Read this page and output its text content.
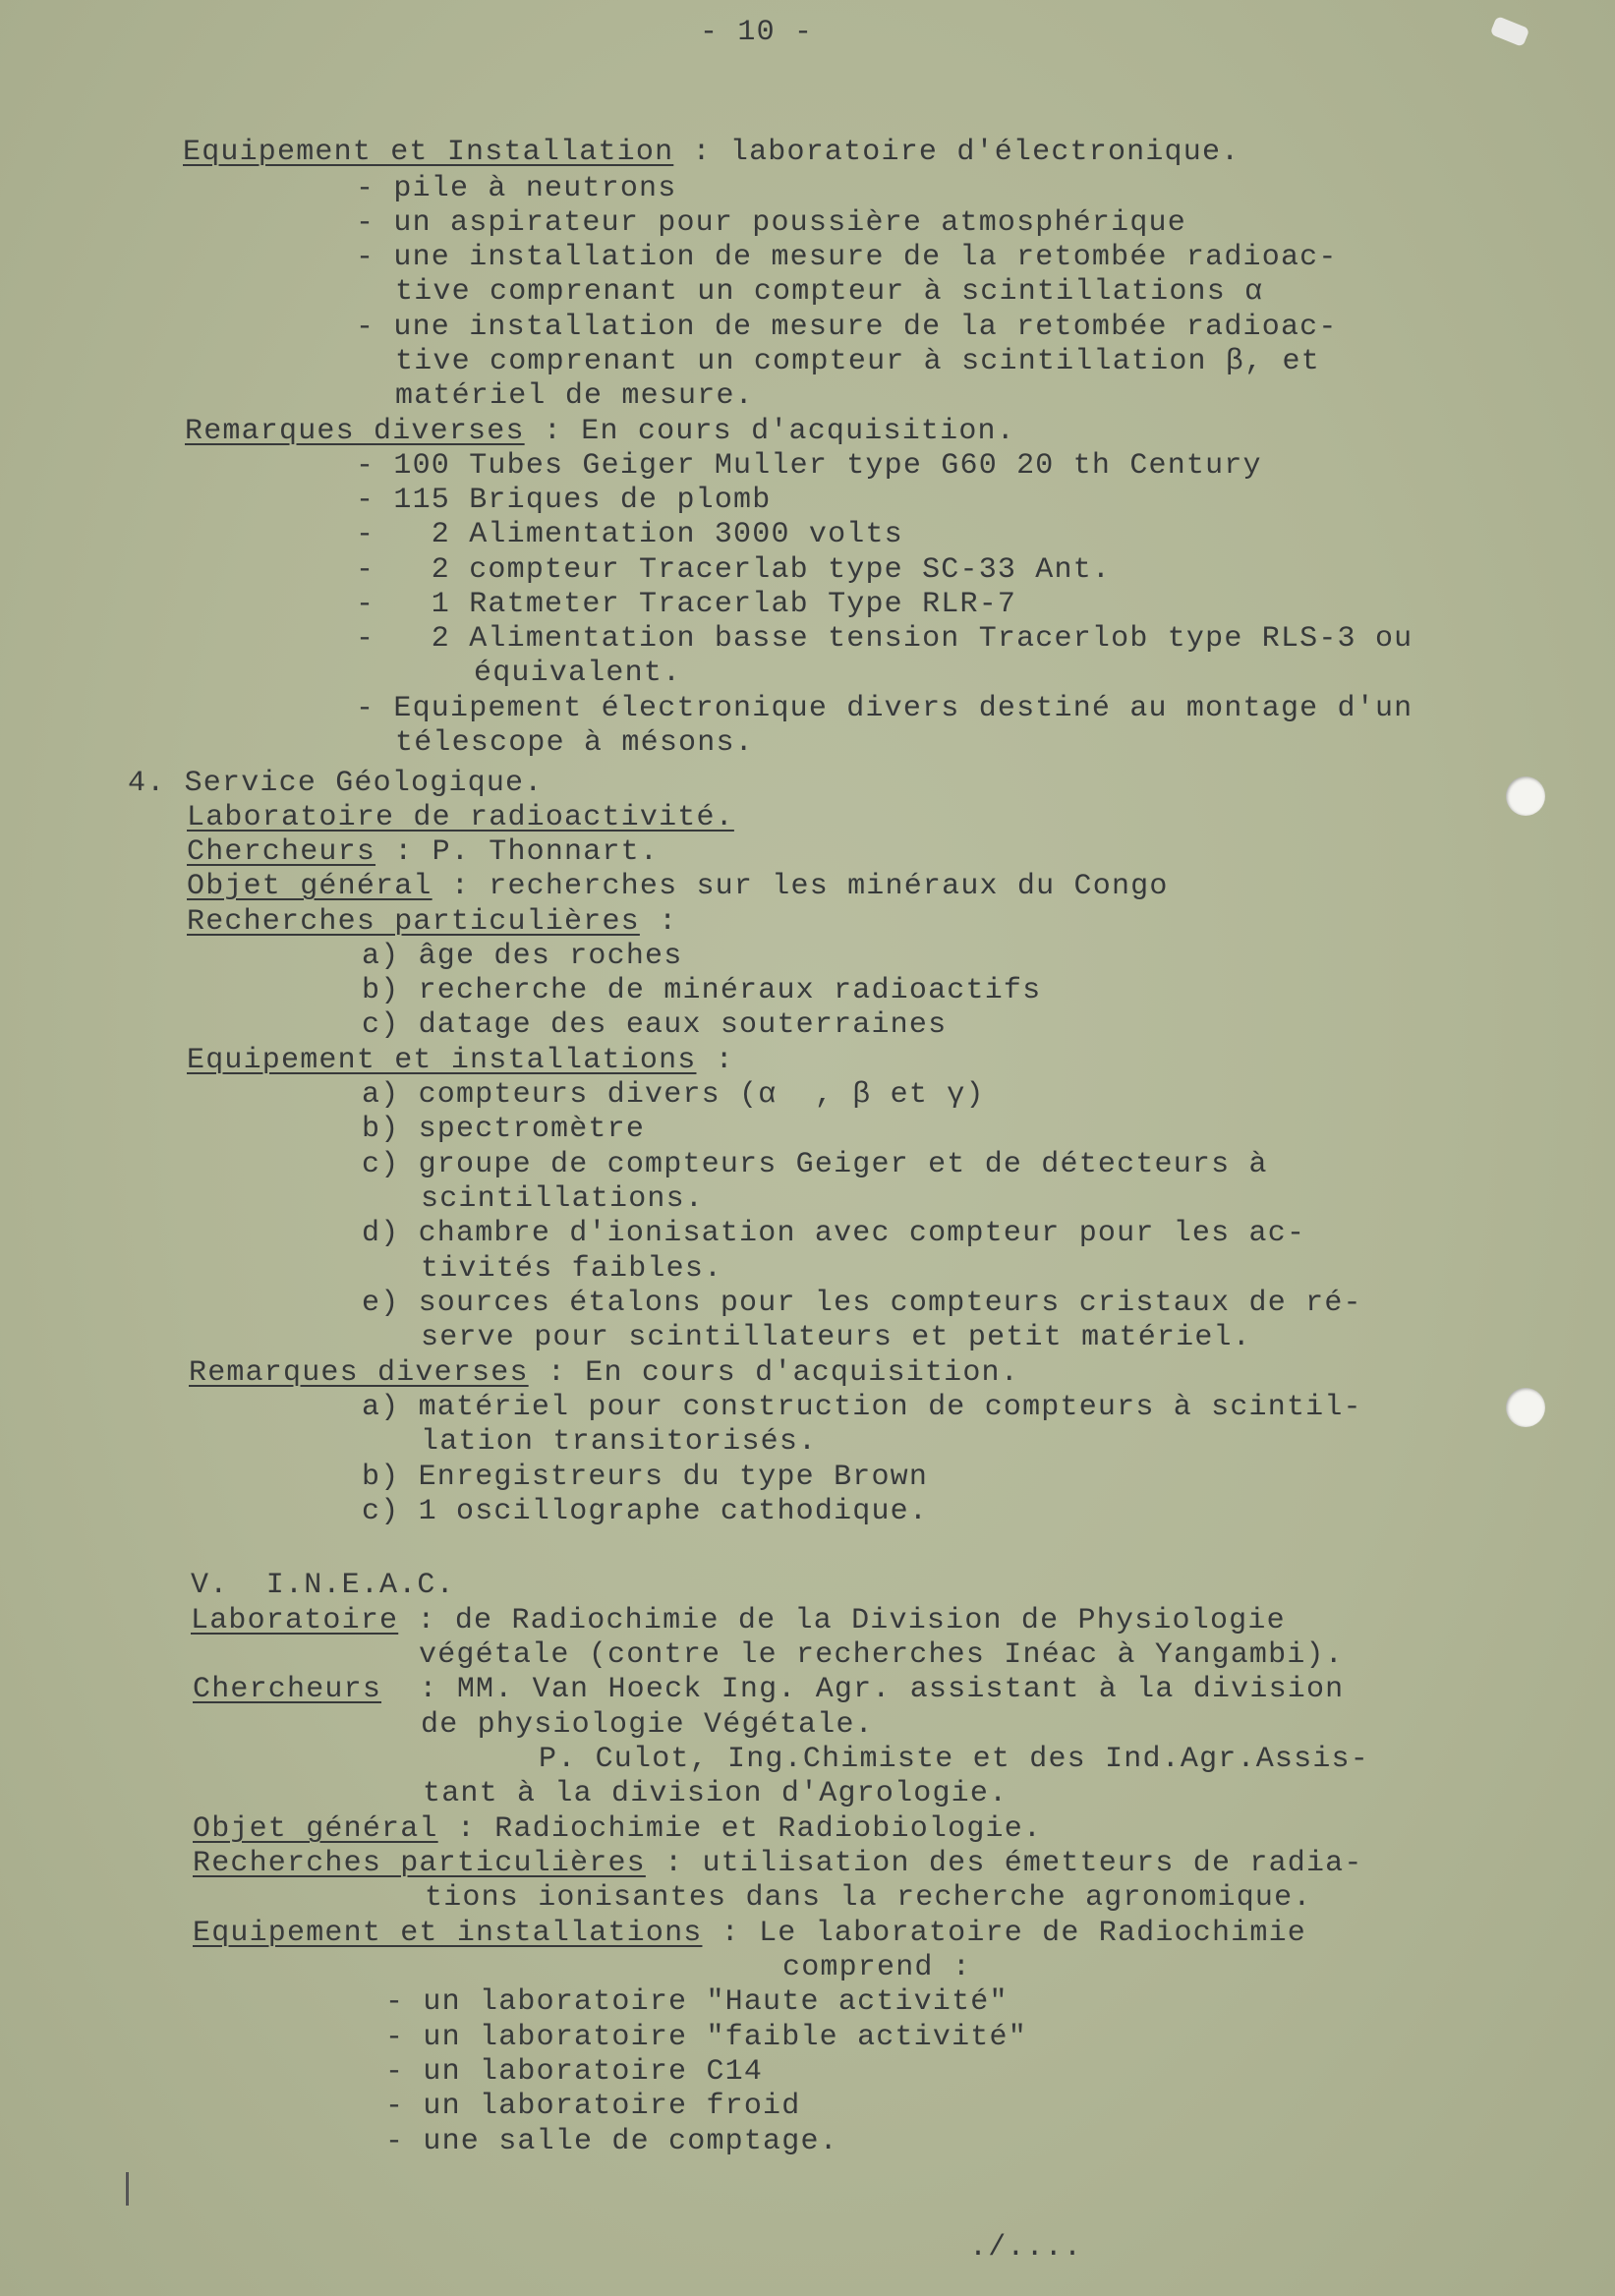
- 10 -

Equipement et Installation : laboratoire d'électronique.

- pile à neutrons

- un aspirateur pour poussière atmosphérique

- une installation de mesure de la retombée radioac-

tive comprenant un compteur à scintillations α

- une installation de mesure de la retombée radioac-

tive comprenant un compteur à scintillation β, et

matériel de mesure.

Remarques diverses : En cours d'acquisition.

- 100 Tubes Geiger Muller type G60 20 th Century

- 115 Briques de plomb

-   2 Alimentation 3000 volts

-   2 compteur Tracerlab type SC-33 Ant.

-   1 Ratmeter Tracerlab Type RLR-7

-   2 Alimentation basse tension Tracerlob type RLS-3 ou

équivalent.

- Equipement électronique divers destiné au montage d'un

télescope à mésons.

4. Service Géologique.

Laboratoire de radioactivité.

Chercheurs : P. Thonnart.

Objet général : recherches sur les minéraux du Congo

Recherches particulières :

a) âge des roches

b) recherche de minéraux radioactifs

c) datage des eaux souterraines

Equipement et installations :

a) compteurs divers (α  , β et γ)

b) spectromètre

c) groupe de compteurs Geiger et de détecteurs à

scintillations.

d) chambre d'ionisation avec compteur pour les ac-

tivités faibles.

e) sources étalons pour les compteurs cristaux de ré-

serve pour scintillateurs et petit matériel.

Remarques diverses : En cours d'acquisition.

a) matériel pour construction de compteurs à scintil-

lation transitorisés.

b) Enregistreurs du type Brown

c) 1 oscillographe cathodique.

V.  I.N.E.A.C.

Laboratoire : de Radiochimie de la Division de Physiologie

végétale (contre le recherches Inéac à Yangambi).

Chercheurs  : MM. Van Hoeck Ing. Agr. assistant à la division

de physiologie Végétale.

P. Culot, Ing.Chimiste et des Ind.Agr.Assis-

tant à la division d'Agrologie.

Objet général : Radiochimie et Radiobiologie.

Recherches particulières : utilisation des émetteurs de radia-

tions ionisantes dans la recherche agronomique.

Equipement et installations : Le laboratoire de Radiochimie

comprend :

- un laboratoire "Haute activité"

- un laboratoire "faible activité"

- un laboratoire C14

- un laboratoire froid

- une salle de comptage.

./....
